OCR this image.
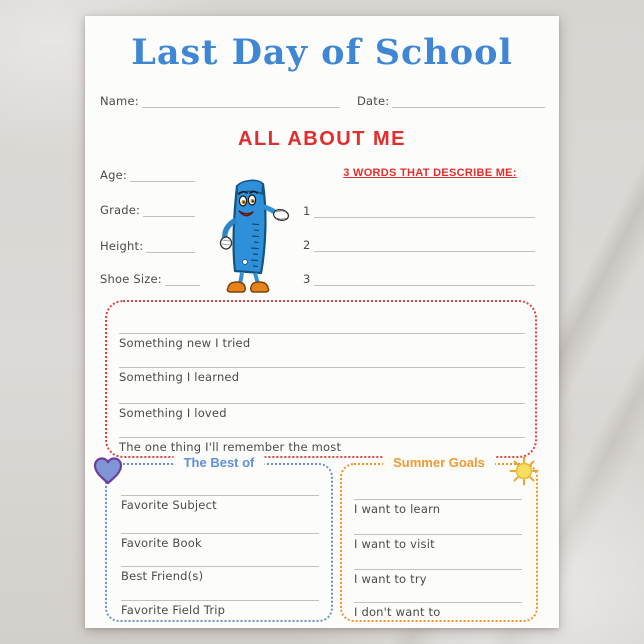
Last Day of School
Name:	Date:
ALL ABOUT ME
Age:
Grade:
Height:
Shoe Size:
3 WORDS THAT DESCRIBE ME:
1
2
3
Something new I tried
Something I learned
Something I loved
The one thing I'll remember the most
The Best of
Favorite Subject
Favorite Book
Best Friend(s)
Favorite Field Trip
Summer Goals
I want to learn
I want to visit
I want to try
I don't want to
